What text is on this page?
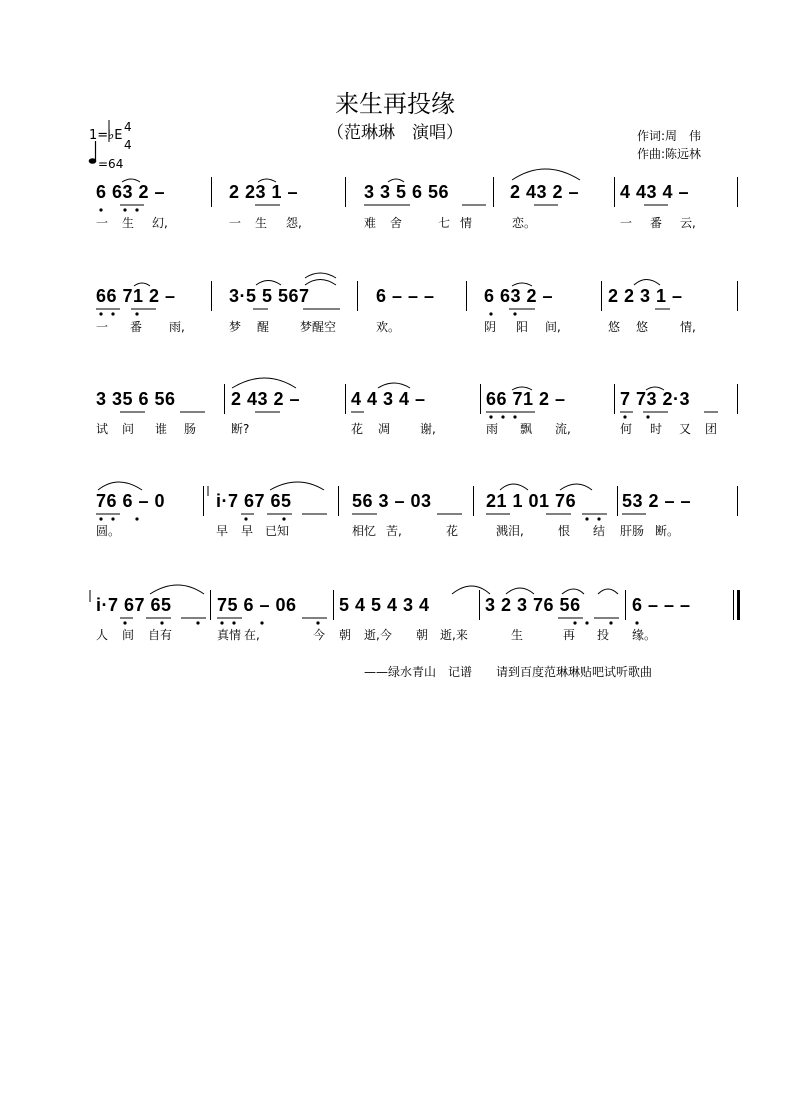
来生再投缘
（范琳琳　演唱）	作词:周　伟
作曲:陈远林
1=♭E
4
4
=64
6 63 2 –	2 23 1 –	3 3 5 6 56	2 43 2 – 4 43 4 –
一 生 幻,	一 生 怨,	难 舍	七 情	恋。	一 番 云,
66 71 2 –	3·5 5 567	6 – – –	6 63 2 –	2 2 3 1 –
一 番 雨,	梦 醒	梦醒空	欢。	阴 阳 间,	悠 悠	情,
3 35 6 56	2 43 2 –	4 4 3 4 –	66 71 2 –	7 73 2·3
试 问 谁 肠	断?	花 凋 谢,	雨 飘 流,	何 时 又 团
76 6 – 0	i·7 67 65	56 3 – 03	21 1 01 76	53 2 – –
圆。	早 早 已知	相忆 苦,	花	溅泪,	恨 结 肝肠 断。
i·7 67 65	75 6 – 06 5 4 5 4 3 4	3 2 3 76 56	6 – – –
人 间 自有	真情 在,	今 朝 逝,今 朝 逝,来	生	再 投 缘。
——绿水青山　记谱　　请到百度范琳琳贴吧试听歌曲
